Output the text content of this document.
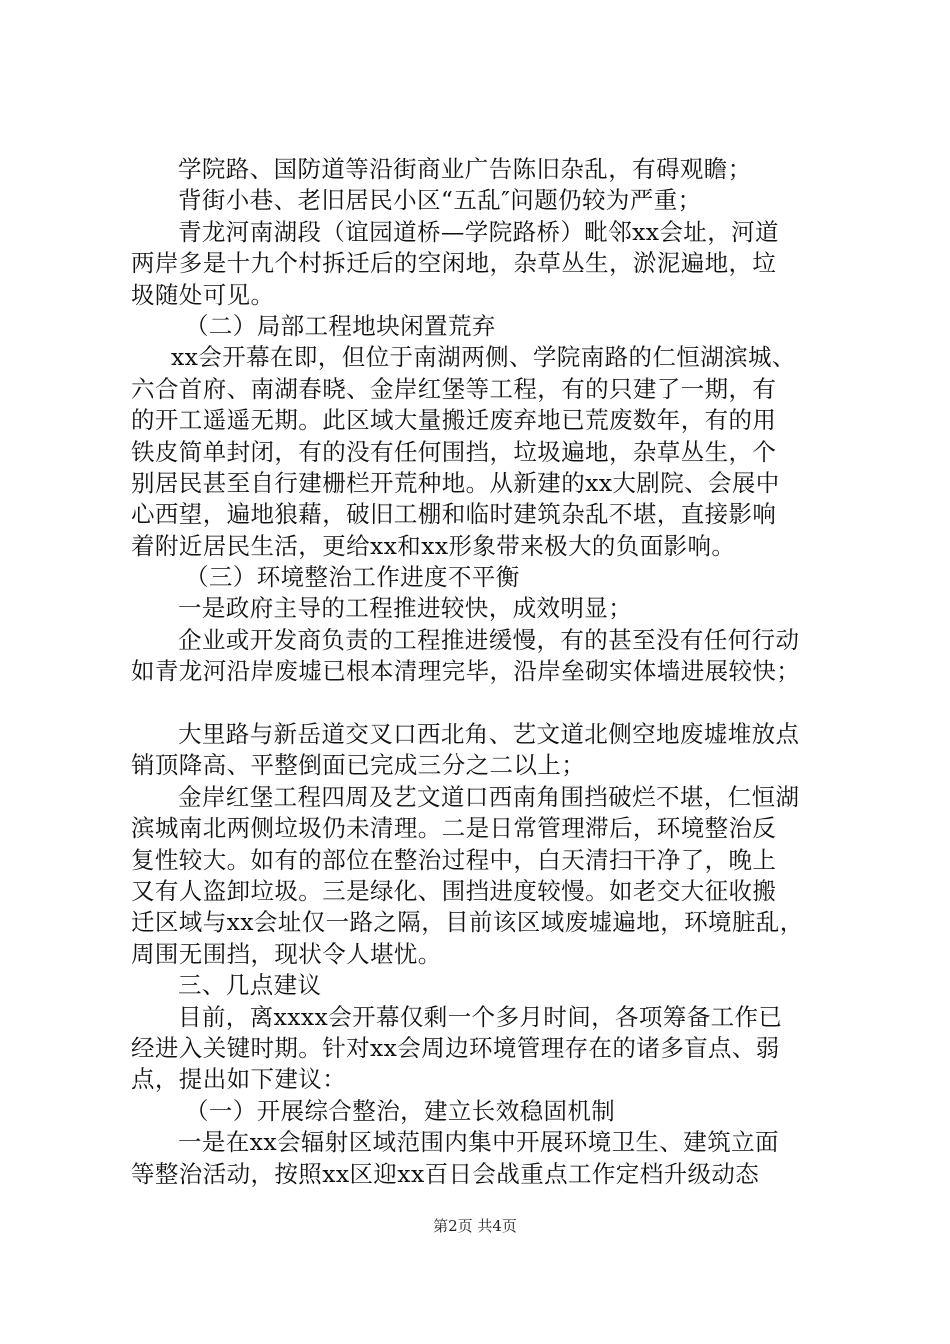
学院路、国防道等沿街商业广告陈旧杂乱，有碍观瞻；
背街小巷、老旧居民小区“五乱″问题仍较为严重；
青龙河南湖段（谊园道桥—学院路桥）毗邻xx会址，河道
两岸多是十九个村拆迁后的空闲地，杂草丛生，淤泥遍地，垃
圾随处可见。
（二）局部工程地块闲置荒弃
xx会开幕在即，但位于南湖两侧、学院南路的仁恒湖滨城、
六合首府、南湖春晓、金岸红堡等工程，有的只建了一期，有
的开工遥遥无期。此区域大量搬迁废弃地已荒废数年，有的用
铁皮简单封闭，有的没有任何围挡，垃圾遍地，杂草丛生，个
别居民甚至自行建栅栏开荒种地。从新建的xx大剧院、会展中
心西望，遍地狼藉，破旧工棚和临时建筑杂乱不堪，直接影响
着附近居民生活，更给xx和xx形象带来极大的负面影响。
（三）环境整治工作进度不平衡
一是政府主导的工程推进较快，成效明显；
企业或开发商负责的工程推进缓慢，有的甚至没有任何行动
如青龙河沿岸废墟已根本清理完毕，沿岸垒砌实体墙进展较快；
大里路与新岳道交叉口西北角、艺文道北侧空地废墟堆放点
销顶降高、平整倒面已完成三分之二以上；
金岸红堡工程四周及艺文道口西南角围挡破烂不堪，仁恒湖
滨城南北两侧垃圾仍未清理。二是日常管理滞后，环境整治反
复性较大。如有的部位在整治过程中，白天清扫干净了，晚上
又有人盗卸垃圾。三是绿化、围挡进度较慢。如老交大征收搬
迁区域与xx会址仅一路之隔，目前该区域废墟遍地，环境脏乱，
周围无围挡，现状令人堪忧。
三、几点建议
目前，离xxxx会开幕仅剩一个多月时间，各项筹备工作已
经进入关键时期。针对xx会周边环境管理存在的诸多盲点、弱
点，提出如下建议：
（一）开展综合整治，建立长效稳固机制
一是在xx会辐射区域范围内集中开展环境卫生、建筑立面
等整治活动，按照xx区迎xx百日会战重点工作定档升级动态
第2页 共4页
